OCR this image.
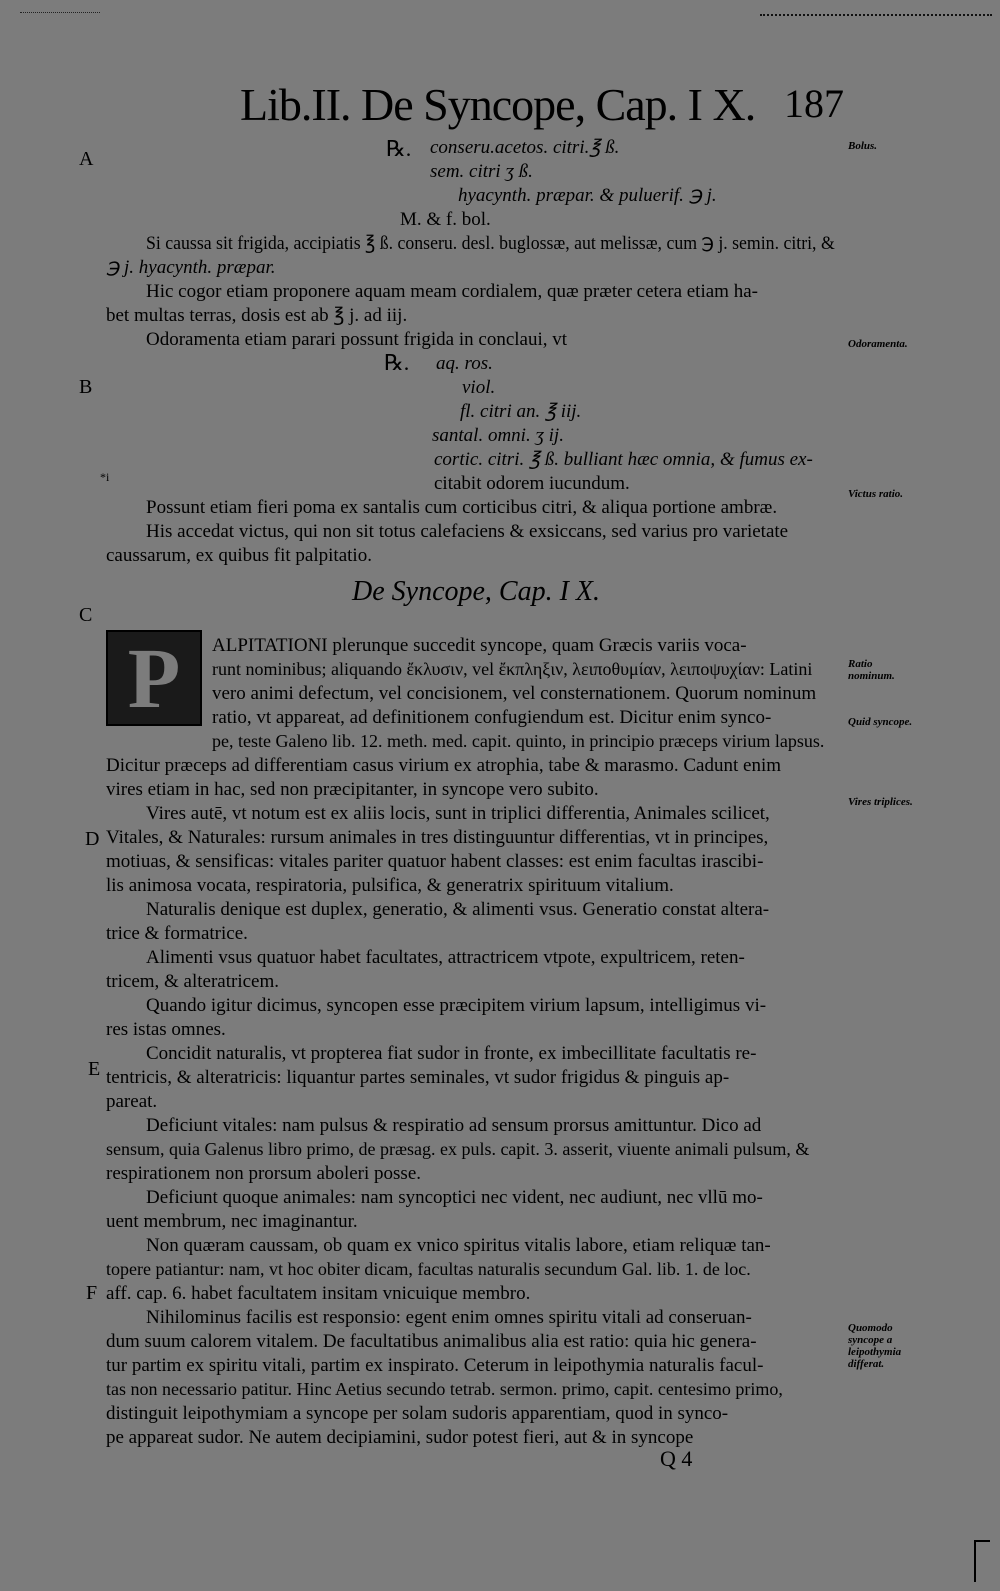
Lib.II. De Syncope, Cap. I X. 187
A
B
C
D
E
F
Bolus.
Odoramenta.
Victus ratio.
Ratio nominum.
Quid syncope.
Vires triplices.
Quomodo syncope a leipothymia differat.
℞. conseru.acetos. citri.℥ ß.
sem. citri ʒ ß.
hyacynth. præpar. & puluerif. ℈ j.
M. & f. bol.
Si caussa sit frigida, accipiatis ℥ ß. conseru. desl. buglossæ, aut melissæ, cum ℈ j. semin. citri, &
℈ j. hyacynth. præpar.
Hic cogor etiam proponere aquam meam cordialem, quæ præter cetera etiam ha-
bet multas terras, dosis est ab ℥ j. ad iij.
Odoramenta etiam parari possunt frigida in conclaui, vt
℞. aq. ros.
viol.
fl. citri an. ℥ iij.
santal. omni. ʒ ij.
cortic. citri. ℥ ß. bulliant hæc omnia, & fumus ex-
citabit odorem iucundum.
*i
Possunt etiam fieri poma ex santalis cum corticibus citri, & aliqua portione ambræ.
His accedat victus, qui non sit totus calefaciens & exsiccans, sed varius pro varietate
caussarum, ex quibus fit palpitatio.
De Syncope, Cap. I X.
P	ALPITATIONI plerunque succedit syncope, quam Græcis variis voca-
runt nominibus; aliquando ἔκλυσιν, vel ἔκπληξιν, λειποθυμίαν, λειποψυχίαν: Latini
vero animi defectum, vel concisionem, vel consternationem. Quorum nominum
ratio, vt appareat, ad definitionem confugiendum est. Dicitur enim synco-
pe, teste Galeno lib. 12. meth. med. capit. quinto, in principio præceps virium lapsus.
Dicitur præceps ad differentiam casus virium ex atrophia, tabe & marasmo. Cadunt enim
vires etiam in hac, sed non præcipitanter, in syncope vero subito.
Vires autē, vt notum est ex aliis locis, sunt in triplici differentia, Animales scilicet,
Vitales, & Naturales: rursum animales in tres distinguuntur differentias, vt in principes,
motiuas, & sensificas: vitales pariter quatuor habent classes: est enim facultas irascibi-
lis animosa vocata, respiratoria, pulsifica, & generatrix spirituum vitalium.
Naturalis denique est duplex, generatio, & alimenti vsus. Generatio constat altera-
trice & formatrice.
Alimenti vsus quatuor habet facultates, attractricem vtpote, expultricem, reten-
tricem, & alteratricem.
Quando igitur dicimus, syncopen esse præcipitem virium lapsum, intelligimus vi-
res istas omnes.
Concidit naturalis, vt propterea fiat sudor in fronte, ex imbecillitate facultatis re-
tentricis, & alteratricis: liquantur partes seminales, vt sudor frigidus & pinguis ap-
pareat.
Deficiunt vitales: nam pulsus & respiratio ad sensum prorsus amittuntur. Dico ad
sensum, quia Galenus libro primo, de præsag. ex puls. capit. 3. asserit, viuente animali pulsum, &
respirationem non prorsum aboleri posse.
Deficiunt quoque animales: nam syncoptici nec vident, nec audiunt, nec vllū mo-
uent membrum, nec imaginantur.
Non quæram caussam, ob quam ex vnico spiritus vitalis labore, etiam reliquæ tan-
topere patiantur: nam, vt hoc obiter dicam, facultas naturalis secundum Gal. lib. 1. de loc.
aff. cap. 6. habet facultatem insitam vnicuique membro.
Nihilominus facilis est responsio: egent enim omnes spiritu vitali ad conseruan-
dum suum calorem vitalem. De facultatibus animalibus alia est ratio: quia hic genera-
tur partim ex spiritu vitali, partim ex inspirato. Ceterum in leipothymia naturalis facul-
tas non necessario patitur. Hinc Aetius secundo tetrab. sermon. primo, capit. centesimo primo,
distinguit leipothymiam a syncope per solam sudoris apparentiam, quod in synco-
pe appareat sudor. Ne autem decipiamini, sudor potest fieri, aut & in syncope
Q 4
